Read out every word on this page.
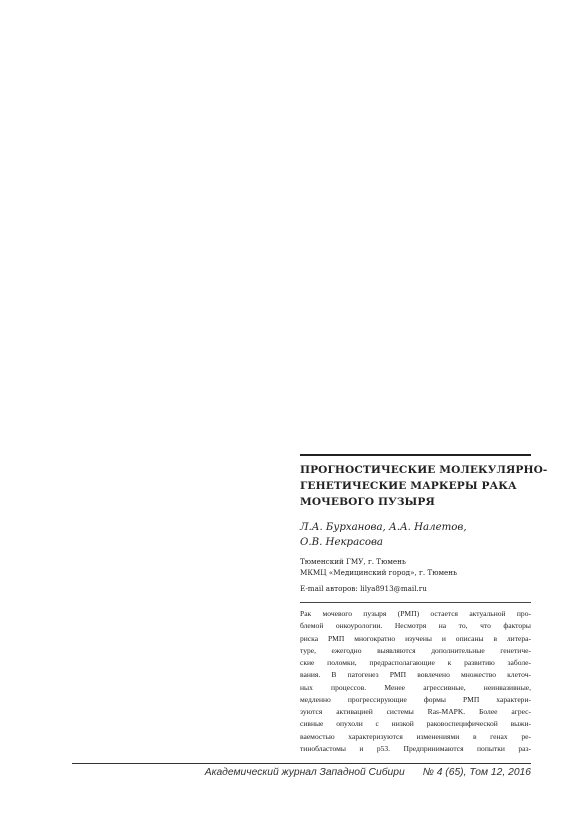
ПРОГНОСТИЧЕСКИЕ МОЛЕКУЛЯРНО-
ГЕНЕТИЧЕСКИЕ МАРКЕРЫ РАКА
МОЧЕВОГО ПУЗЫРЯ
Л.А. Бурханова, А.А. Налетов,
О.В. Некрасова
Тюменский ГМУ, г. Тюмень
МКМЦ «Медицинский город», г. Тюмень
E-mail авторов: lilya8913@mail.ru
Рак мочевого пузыря (РМП) остается актуальной про-
блемой онкоурологии. Несмотря на то, что факторы
риска РМП многократно изучены и описаны в литера-
туре, ежегодно выявляются дополнительные генетиче-
ские поломки, предрасполагающие к развитию заболе-
вания. В патогенез РМП вовлечено множество клеточ-
ных процессов. Менее агрессивные, неинвазивные,
медленно прогрессирующие формы РМП характери-
зуются активацией системы Ras-MAPK. Более агрес-
сивные опухоли с низкой раковоспецифической выжи-
ваемостью характеризуются изменениями в генах ре-
тинобластомы и p53. Предпринимаются попытки раз-
Академический журнал Западной Сибири № 4 (65), Том 12, 2016
